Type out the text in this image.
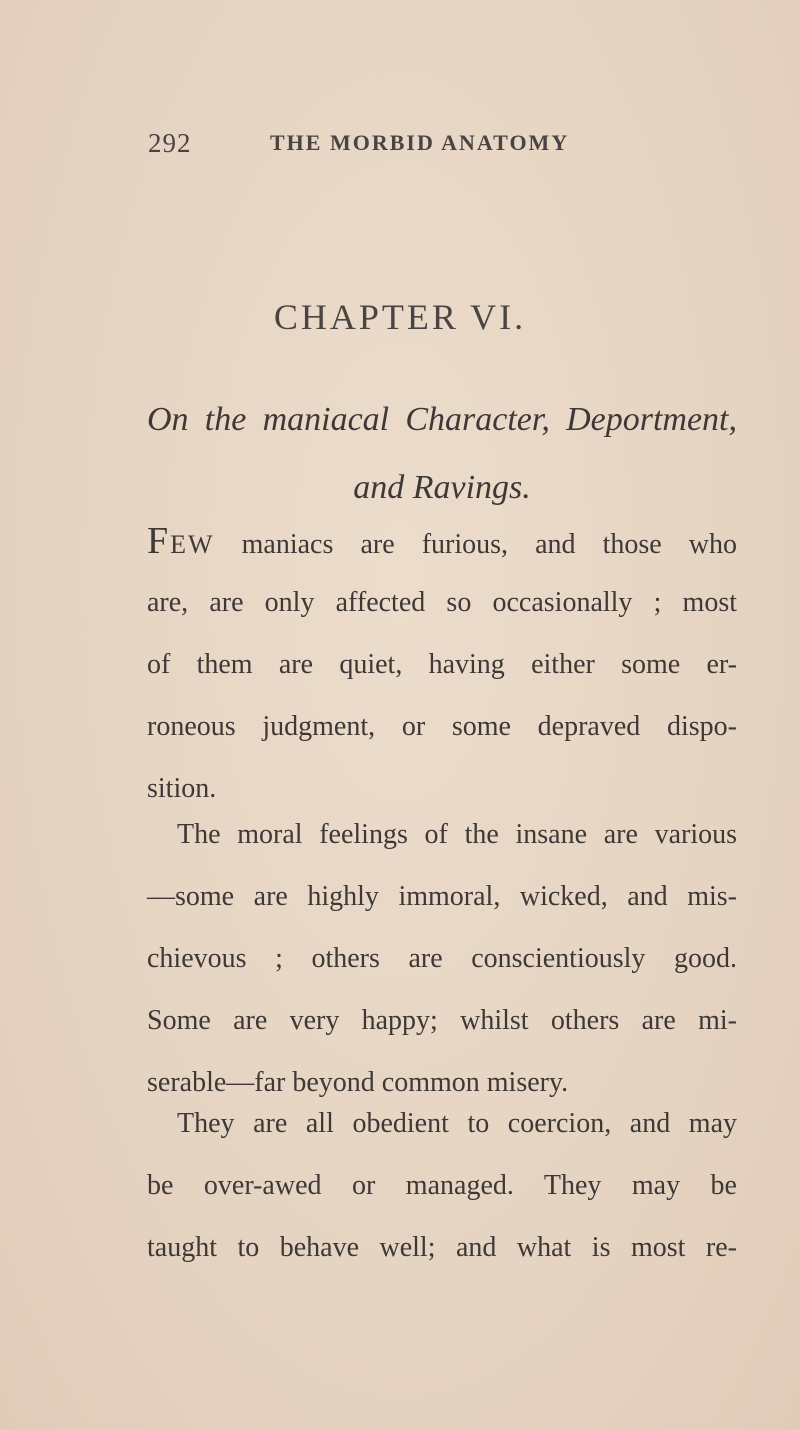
292	THE MORBID ANATOMY
CHAPTER VI.
On the maniacal Character, Deportment,
and Ravings.
FEW maniacs are furious, and those who
are, are only affected so occasionally ; most
of them are quiet, having either some er-
roneous judgment, or some depraved dispo-
sition.
The moral feelings of the insane are various
—some are highly immoral, wicked, and mis-
chievous ; others are conscientiously good.
Some are very happy; whilst others are mi-
serable—far beyond common misery.
They are all obedient to coercion, and may
be over-awed or managed. They may be
taught to behave well; and what is most re-
